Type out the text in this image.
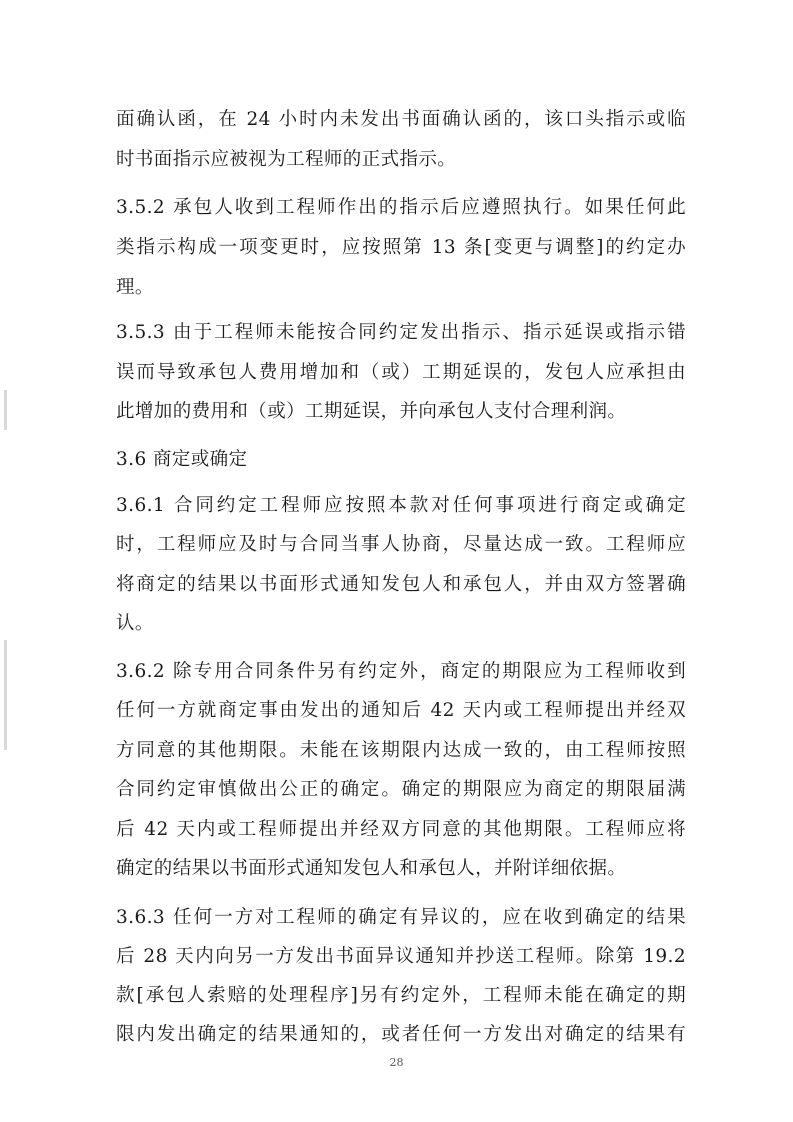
面确认函，在 24 小时内未发出书面确认函的，该口头指示或临
时书面指示应被视为工程师的正式指示。
3.5.2 承包人收到工程师作出的指示后应遵照执行。如果任何此
类指示构成一项变更时，应按照第 13 条[变更与调整]的约定办
理。
3.5.3 由于工程师未能按合同约定发出指示、指示延误或指示错
误而导致承包人费用增加和（或）工期延误的，发包人应承担由
此增加的费用和（或）工期延误，并向承包人支付合理利润。
3.6 商定或确定
3.6.1 合同约定工程师应按照本款对任何事项进行商定或确定
时，工程师应及时与合同当事人协商，尽量达成一致。工程师应
将商定的结果以书面形式通知发包人和承包人，并由双方签署确
认。
3.6.2 除专用合同条件另有约定外，商定的期限应为工程师收到
任何一方就商定事由发出的通知后 42 天内或工程师提出并经双
方同意的其他期限。未能在该期限内达成一致的，由工程师按照
合同约定审慎做出公正的确定。确定的期限应为商定的期限届满
后 42 天内或工程师提出并经双方同意的其他期限。工程师应将
确定的结果以书面形式通知发包人和承包人，并附详细依据。
3.6.3 任何一方对工程师的确定有异议的，应在收到确定的结果
后 28 天内向另一方发出书面异议通知并抄送工程师。除第 19.2
款[承包人索赔的处理程序]另有约定外，工程师未能在确定的期
限内发出确定的结果通知的，或者任何一方发出对确定的结果有
28
